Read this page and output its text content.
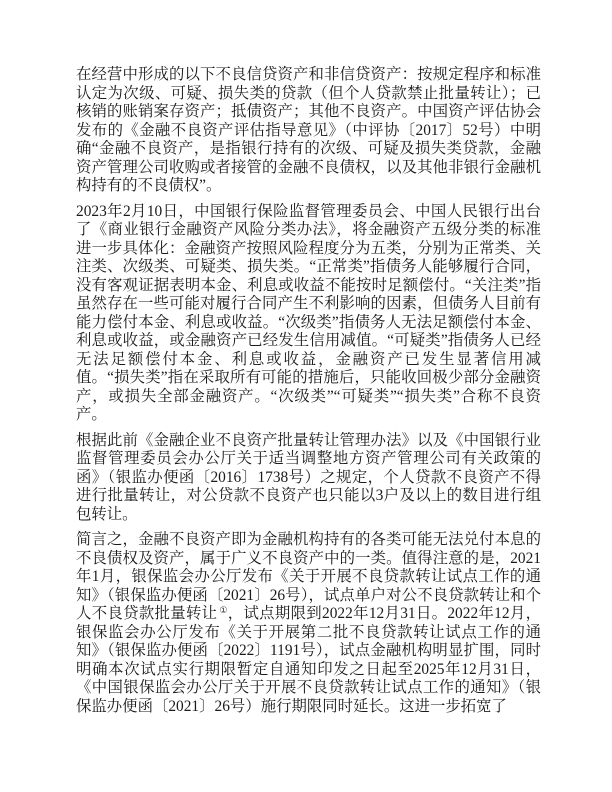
在经营中形成的以下不良信贷资产和非信贷资产：按规定程序和标准认定为次级、可疑、损失类的贷款（但个人贷款禁止批量转让）；已核销的账销案存资产；抵债资产；其他不良资产。中国资产评估协会发布的《金融不良资产评估指导意见》（中评协〔2017〕52号）中明确“金融不良资产，是指银行持有的次级、可疑及损失类贷款，金融资产管理公司收购或者接管的金融不良债权，以及其他非银行金融机构持有的不良债权”。

2023年2月10日，中国银行保险监督管理委员会、中国人民银行出台了《商业银行金融资产风险分类办法》，将金融资产五级分类的标准进一步具体化：金融资产按照风险程度分为五类，分别为正常类、关注类、次级类、可疑类、损失类。“正常类”指债务人能够履行合同，没有客观证据表明本金、利息或收益不能按时足额偿付。“关注类”指虽然存在一些可能对履行合同产生不利影响的因素，但债务人目前有能力偿付本金、利息或收益。“次级类”指债务人无法足额偿付本金、利息或收益，或金融资产已经发生信用减值。“可疑类”指债务人已经无法足额偿付本金、利息或收益，金融资产已发生显著信用减值。“损失类”指在采取所有可能的措施后，只能收回极少部分金融资产，或损失全部金融资产。“次级类”“可疑类”“损失类”合称不良资产。

根据此前《金融企业不良资产批量转让管理办法》以及《中国银行业监督管理委员会办公厅关于适当调整地方资产管理公司有关政策的函》（银监办便函〔2016〕1738号）之规定，个人贷款不良资产不得进行批量转让，对公贷款不良资产也只能以3户及以上的数目进行组包转让。

简言之，金融不良资产即为金融机构持有的各类可能无法兑付本息的不良债权及资产，属于广义不良资产中的一类。值得注意的是，2021年1月，银保监会办公厅发布《关于开展不良贷款转让试点工作的通知》（银保监办便函〔2021〕26号），试点单户对公不良贷款转让和个人不良贷款批量转让 ①，试点期限到2022年12月31日。2022年12月，银保监会办公厅发布《关于开展第二批不良贷款转让试点工作的通知》（银保监办便函〔2022〕1191号），试点金融机构明显扩围，同时明确本次试点实行期限暂定自通知印发之日起至2025年12月31日，《中国银保监会办公厅关于开展不良贷款转让试点工作的通知》（银保监办便函〔2021〕26号）施行期限同时延长。这进一步拓宽了
